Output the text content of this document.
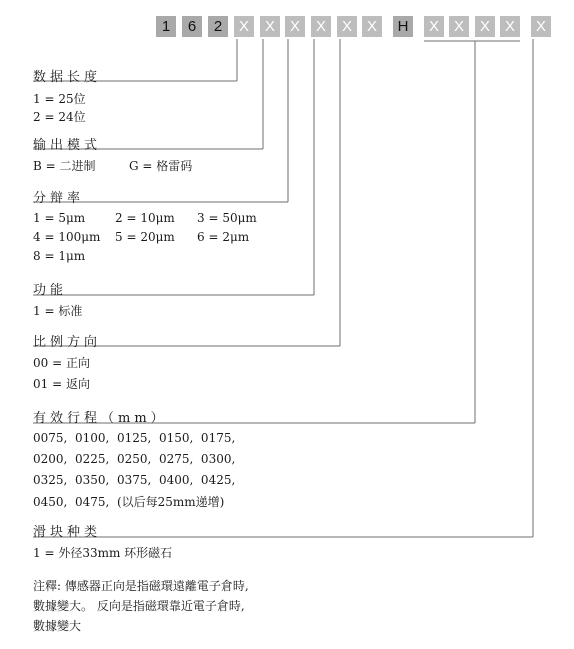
1	6	2	X	X X	X	X X	H	X X	X X	X
数据长度
1 = 25位
2 = 24位
输出模式
B = 二进制	G = 格雷码
分辩率
1 = 5μm 2 = 10μm 3 = 50μm
4 = 100μm 5 = 20μm 6 = 2μm
8 = 1μm
功能
1 = 标准
比例方向
00 = 正向
01 = 返向
有效行程（mm）
0075,  0100,  0125,  0150,  0175,
0200,  0225,  0250,  0275,  0300,
0325,  0350,  0375,  0400,  0425,
0450,  0475,  (以后每25mm递增)
滑块种类
1 = 外径33mm 环形磁石
注釋: 傳感器正向是指磁環遠離電子倉時,
數據變大。 反向是指磁環靠近電子倉時,
數據變大
